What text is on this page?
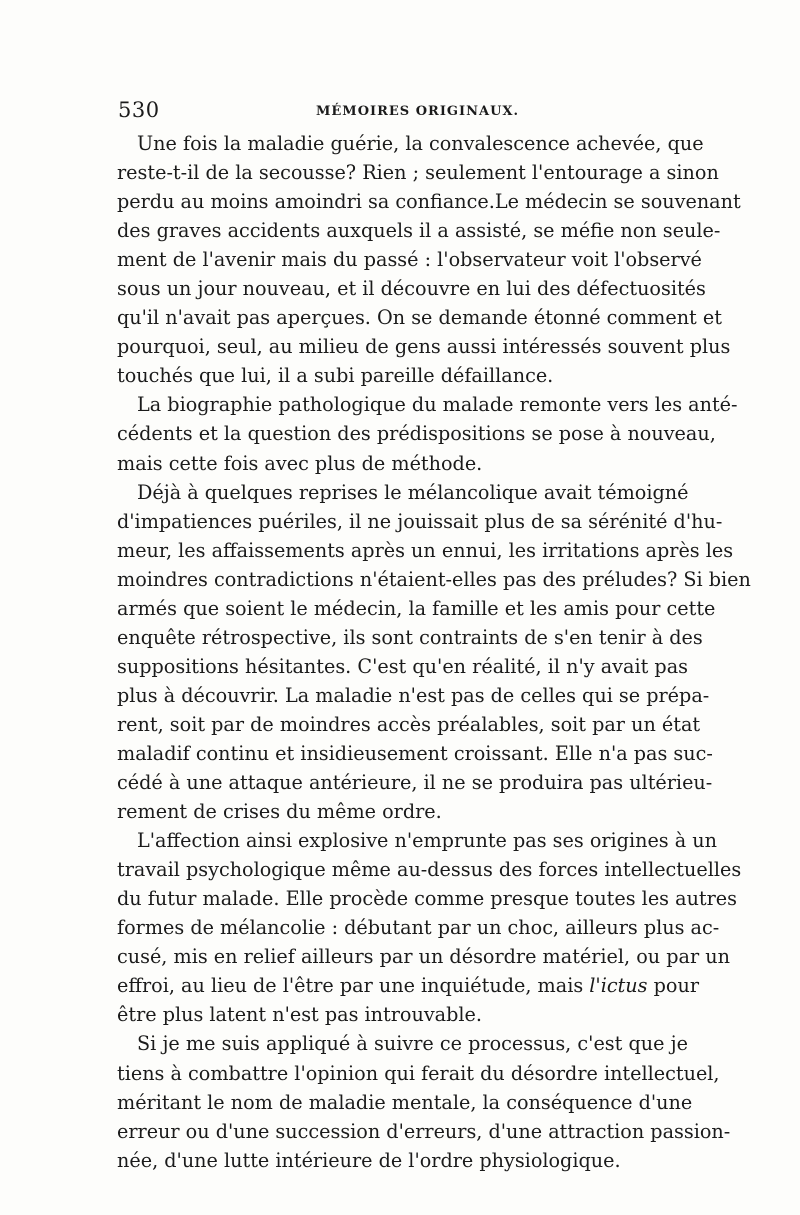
530	MÉMOIRES ORIGINAUX.
Une fois la maladie guérie, la convalescence achevée, que
reste-t-il de la secousse? Rien ; seulement l'entourage a sinon
perdu au moins amoindri sa confiance.Le médecin se souvenant
des graves accidents auxquels il a assisté, se méfie non seule-
ment de l'avenir mais du passé : l'observateur voit l'observé
sous un jour nouveau, et il découvre en lui des défectuosités
qu'il n'avait pas aperçues. On se demande étonné comment et
pourquoi, seul, au milieu de gens aussi intéressés souvent plus
touchés que lui, il a subi pareille défaillance.
La biographie pathologique du malade remonte vers les anté-
cédents et la question des prédispositions se pose à nouveau,
mais cette fois avec plus de méthode.
Déjà à quelques reprises le mélancolique avait témoigné
d'impatiences puériles, il ne jouissait plus de sa sérénité d'hu-
meur, les affaissements après un ennui, les irritations après les
moindres contradictions n'étaient-elles pas des préludes? Si bien
armés que soient le médecin, la famille et les amis pour cette
enquête rétrospective, ils sont contraints de s'en tenir à des
suppositions hésitantes. C'est qu'en réalité, il n'y avait pas
plus à découvrir. La maladie n'est pas de celles qui se prépa-
rent, soit par de moindres accès préalables, soit par un état
maladif continu et insidieusement croissant. Elle n'a pas suc-
cédé à une attaque antérieure, il ne se produira pas ultérieu-
rement de crises du même ordre.
L'affection ainsi explosive n'emprunte pas ses origines à un
travail psychologique même au-dessus des forces intellectuelles
du futur malade. Elle procède comme presque toutes les autres
formes de mélancolie : débutant par un choc, ailleurs plus ac-
cusé, mis en relief ailleurs par un désordre matériel, ou par un
effroi, au lieu de l'être par une inquiétude, mais l'ictus pour
être plus latent n'est pas introuvable.
Si je me suis appliqué à suivre ce processus, c'est que je
tiens à combattre l'opinion qui ferait du désordre intellectuel,
méritant le nom de maladie mentale, la conséquence d'une
erreur ou d'une succession d'erreurs, d'une attraction passion-
née, d'une lutte intérieure de l'ordre physiologique.
